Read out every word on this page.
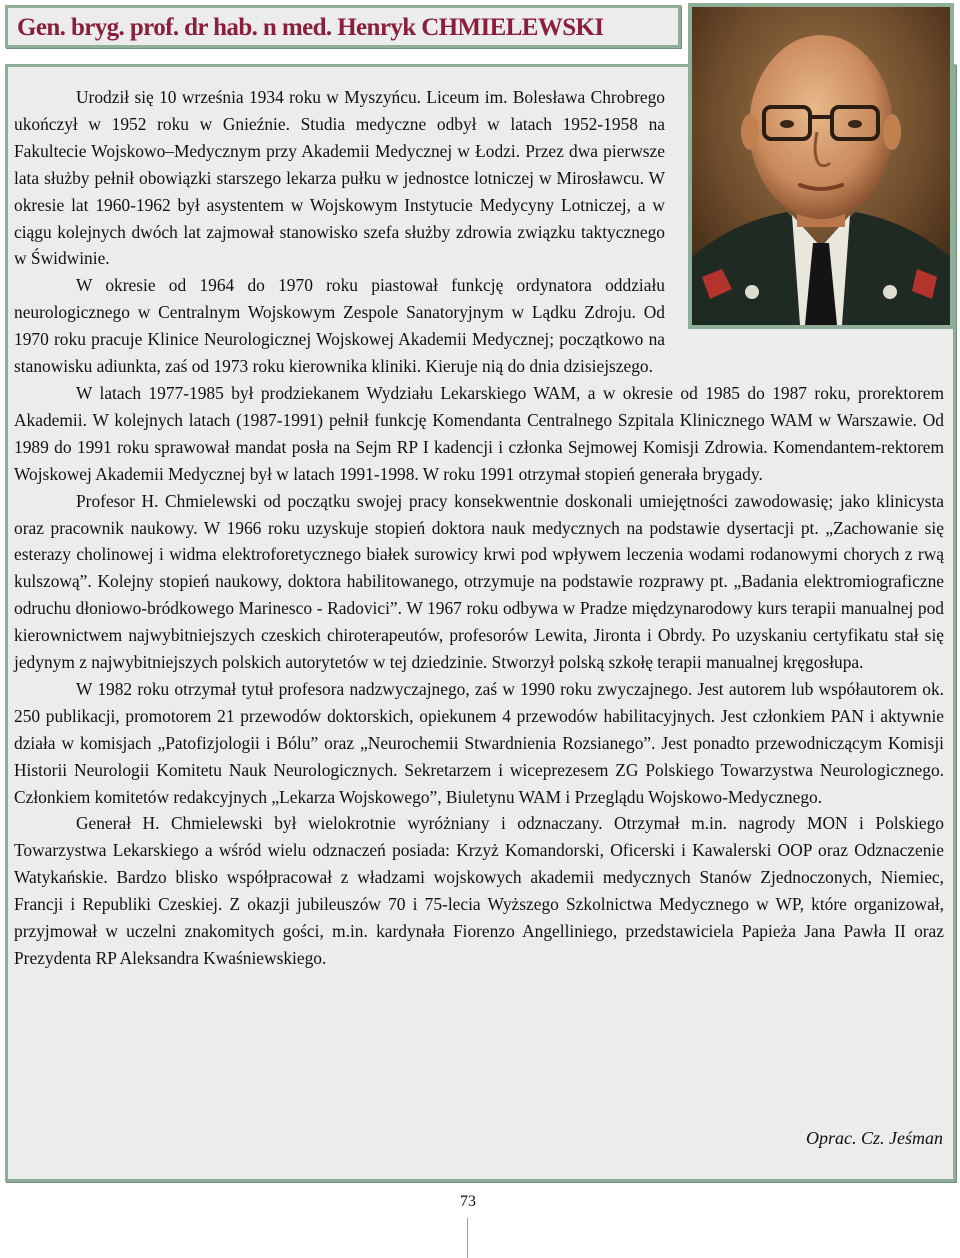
Gen. bryg. prof. dr hab. n med. Henryk CHMIELEWSKI

Urodził się 10 września 1934 roku w Myszyńcu. Liceum im. Bolesława Chrobrego ukończył w 1952 roku w Gnieźnie. Studia medyczne odbył w latach 1952-1958 na Fakultecie Wojskowo–Medycznym przy Akademii Medycznej w Łodzi. Przez dwa pierwsze lata służby pełnił obowiązki starszego lekarza pułku w jednostce lotniczej w Mirosławcu. W okresie lat 1960-1962 był asystentem w Wojskowym Instytucie Medycyny Lotniczej, a w ciągu kolejnych dwóch lat zajmował stanowisko szefa służby zdrowia związku taktycznego w Świdwinie.

W okresie od 1964 do 1970 roku piastował funkcję ordynatora oddziału neurologicznego w Centralnym Wojskowym Zespole Sanatoryjnym w Lądku Zdroju. Od 1970 roku pracuje Klinice Neurologicznej Wojskowej Akademii Medycznej; początkowo na stanowisku adiunkta, zaś od 1973 roku kierownika kliniki. Kieruje nią do dnia dzisiejszego.

W latach 1977-1985 był prodziekanem Wydziału Lekarskiego WAM, a w okresie od 1985 do 1987 roku, prorektorem Akademii. W kolejnych latach (1987-1991) pełnił funkcję Komendanta Centralnego Szpitala Klinicznego WAM w Warszawie. Od 1989 do 1991 roku sprawował mandat posła na Sejm RP I kadencji i członka Sejmowej Komisji Zdrowia. Komendantem-rektorem Wojskowej Akademii Medycznej był w latach 1991-1998. W roku 1991 otrzymał stopień generała brygady.

Profesor H. Chmielewski od początku swojej pracy konsekwentnie doskonali umiejętności zawodowasię; jako klinicysta oraz pracownik naukowy. W 1966 roku uzyskuje stopień doktora nauk medycznych na podstawie dysertacji pt. „Zachowanie się esterazy cholinowej i widma elektroforetycznego białek surowicy krwi pod wpływem leczenia wodami rodanowymi chorych z rwą kulszową”. Kolejny stopień naukowy, doktora habilitowanego, otrzymuje na podstawie rozprawy pt. „Badania elektromiograficzne odruchu dłoniowo-bródkowego Marinesco - Radovici”. W 1967 roku odbywa w Pradze międzynarodowy kurs terapii manualnej pod kierownictwem najwybitniejszych czeskich chiroterapeutów, profesorów Lewita, Jironta i Obrdy. Po uzyskaniu certyfikatu stał się jedynym z najwybitniejszych polskich autorytetów w tej dziedzinie. Stworzył polską szkołę terapii manualnej kręgosłupa.

W 1982 roku otrzymał tytuł profesora nadzwyczajnego, zaś w 1990 roku zwyczajnego. Jest autorem lub współautorem ok. 250 publikacji, promotorem 21 przewodów doktorskich, opiekunem 4 przewodów habilitacyjnych. Jest członkiem PAN i aktywnie działa w komisjach „Patofizjologii i Bólu” oraz „Neurochemii Stwardnienia Rozsianego”. Jest ponadto przewodniczącym Komisji Historii Neurologii Komitetu Nauk Neurologicznych. Sekretarzem i wiceprezesem ZG Polskiego Towarzystwa Neurologicznego. Członkiem komitetów redakcyjnych „Lekarza Wojskowego”, Biuletynu WAM i Przeglądu Wojskowo-Medycznego.

Generał H. Chmielewski był wielokrotnie wyróżniany i odznaczany. Otrzymał m.in. nagrody MON i Polskiego Towarzystwa Lekarskiego a wśród wielu odznaczeń posiada: Krzyż Komandorski, Oficerski i Kawalerski OOP oraz Odznaczenie Watykańskie. Bardzo blisko współpracował z władzami wojskowych akademii medycznych Stanów Zjednoczonych, Niemiec, Francji i Republiki Czeskiej. Z okazji jubileuszów 70 i 75-lecia Wyższego Szkolnictwa Medycznego w WP, które organizował, przyjmował w uczelni znakomitych gości, m.in. kardynała Fiorenzo Angelliniego, przedstawiciela Papieża Jana Pawła II oraz Prezydenta RP Aleksandra Kwaśniewskiego.

Oprac. Cz. Jeśman
73
